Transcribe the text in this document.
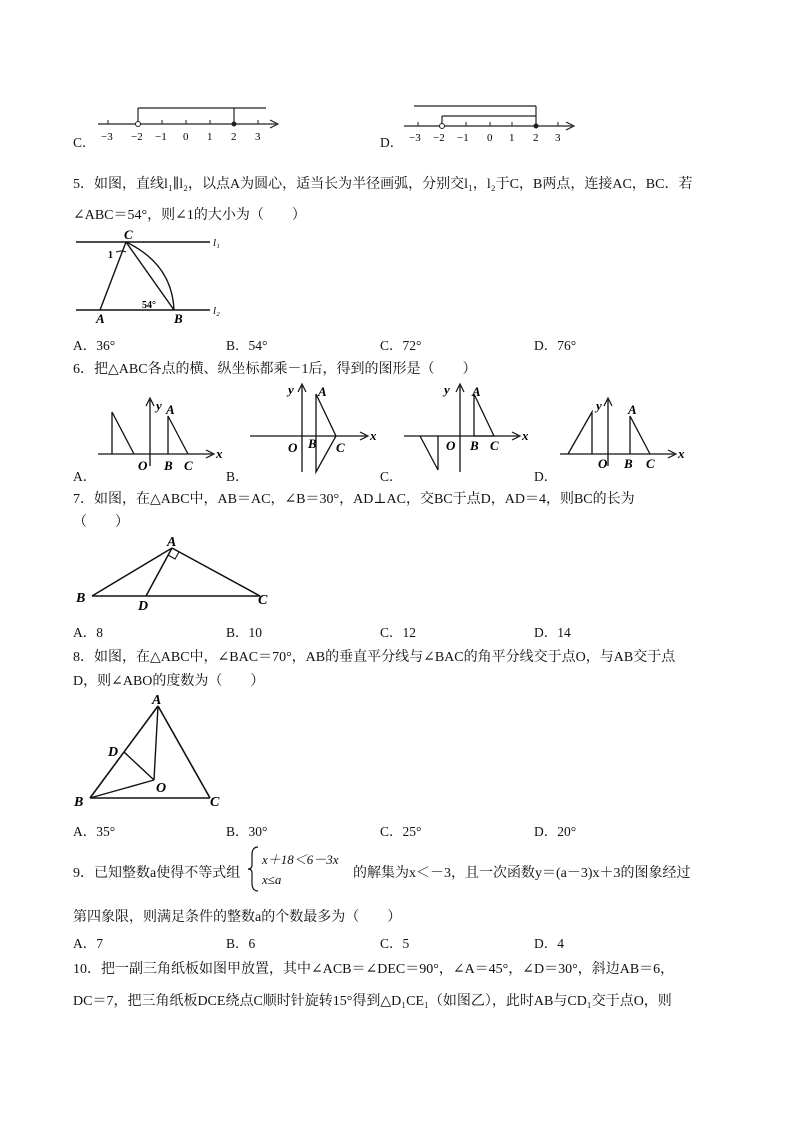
C． −3 −2 −1 0 1 2 3	D． −3 −2 −1 0 1 2 3
5．如图，直线l₁∥l₂，以点A为圆心，适当长为半径画弧，分别交l₁，l₂于C，B两点，连接AC，BC．若
∠ABC＝54°，则∠1的大小为（　　）
C
A	B
1
54°
l₁
l₂
A．36°	B．54°	C．72°	D．76°
6．把△ABC各点的横、纵坐标都乘－1后，得到的图形是（　　）
y
x
O
A
B C
A．
y
x
O
A
B C
B．
y
x
O
A
B C
C．
y
x
O
A
B C
D．
7．如图，在△ABC中，AB＝AC，∠B＝30°，AD⊥AC，交BC于点D，AD＝4，则BC的长为
（　　）
A
B	C
D
A．8	B．10	C．12	D．14
8．如图，在△ABC中，∠BAC＝70°，AB的垂直平分线与∠BAC的角平分线交于点O，与AB交于点
D，则∠ABO的度数为（　　）
A
B	C
D
O
A．35°	B．30°	C．25°	D．20°
9．已知整数a使得不等式组
x＋18＜6－3x
x≤a	的解集为x＜－3，且一次函数y＝(a－3)x＋3的图象经过
第四象限，则满足条件的整数a的个数最多为（　　）
A．7	B．6	C．5	D．4
10．把一副三角纸板如图甲放置，其中∠ACB＝∠DEC＝90°，∠A＝45°，∠D＝30°，斜边AB＝6，
DC＝7，把三角纸板DCE绕点C顺时针旋转15°得到△D₁CE₁（如图乙），此时AB与CD₁交于点O，则
